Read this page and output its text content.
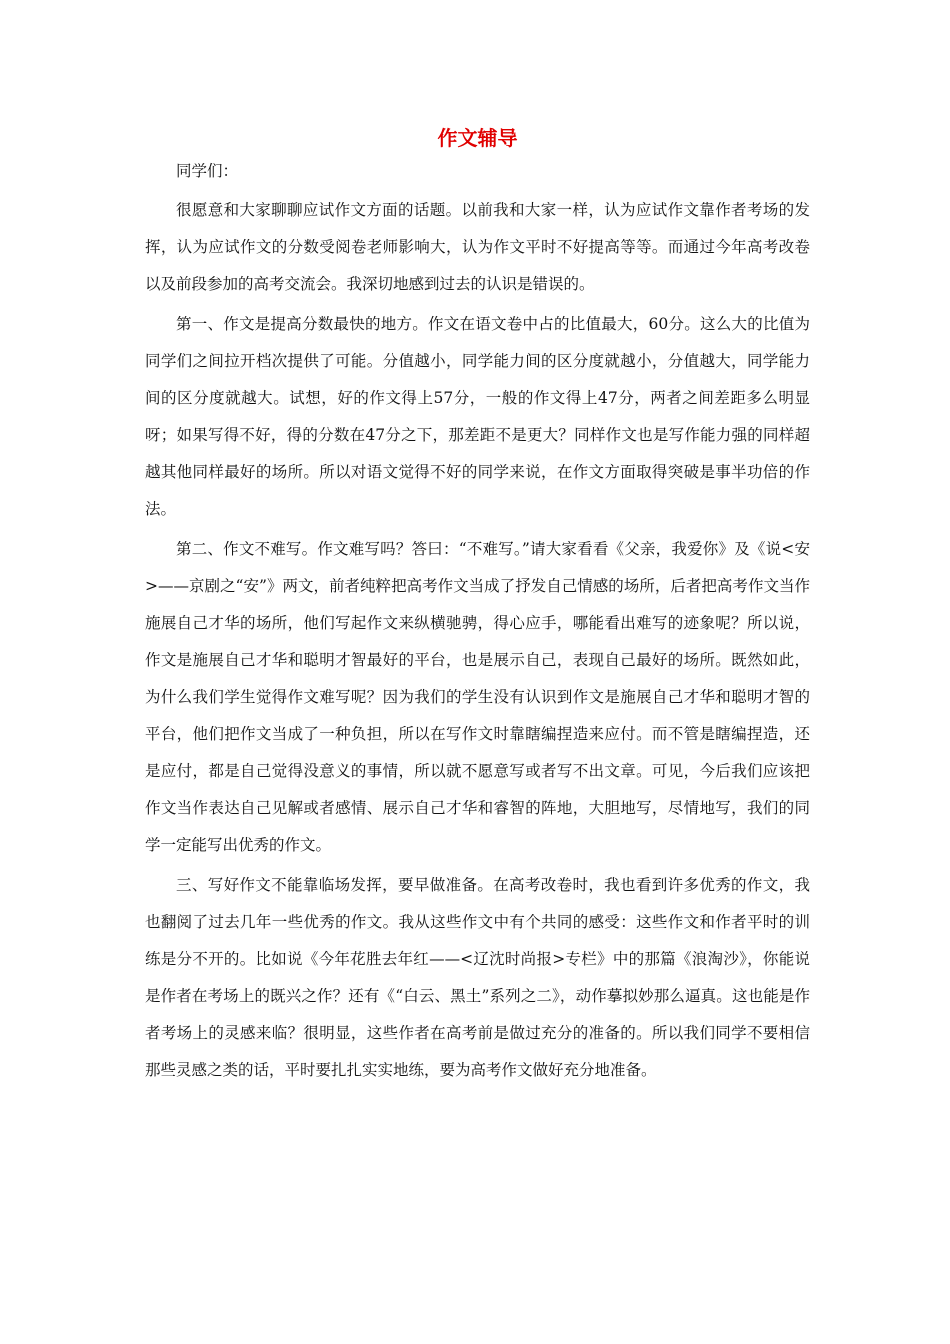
作文辅导

同学们：

很愿意和大家聊聊应试作文方面的话题。以前我和大家一样，认为应试作文靠作者考场的发挥，认为应试作文的分数受阅卷老师影响大，认为作文平时不好提高等等。而通过今年高考改卷以及前段参加的高考交流会。我深切地感到过去的认识是错误的。

第一、作文是提高分数最快的地方。作文在语文卷中占的比值最大，60分。这么大的比值为同学们之间拉开档次提供了可能。分值越小，同学能力间的区分度就越小，分值越大，同学能力间的区分度就越大。试想，好的作文得上57分，一般的作文得上47分，两者之间差距多么明显呀；如果写得不好，得的分数在47分之下，那差距不是更大？同样作文也是写作能力强的同样超越其他同样最好的场所。所以对语文觉得不好的同学来说，在作文方面取得突破是事半功倍的作法。

第二、作文不难写。作文难写吗？答曰：“不难写。”请大家看看《父亲，我爱你》及《说<安>——京剧之“安”》两文，前者纯粹把高考作文当成了抒发自己情感的场所，后者把高考作文当作施展自己才华的场所，他们写起作文来纵横驰骋，得心应手，哪能看出难写的迹象呢？所以说，作文是施展自己才华和聪明才智最好的平台，也是展示自己，表现自己最好的场所。既然如此，为什么我们学生觉得作文难写呢？因为我们的学生没有认识到作文是施展自己才华和聪明才智的平台，他们把作文当成了一种负担，所以在写作文时靠瞎编捏造来应付。而不管是瞎编捏造，还是应付，都是自己觉得没意义的事情，所以就不愿意写或者写不出文章。可见，今后我们应该把作文当作表达自己见解或者感情、展示自己才华和睿智的阵地，大胆地写，尽情地写，我们的同学一定能写出优秀的作文。

三、写好作文不能靠临场发挥，要早做准备。在高考改卷时，我也看到许多优秀的作文，我也翻阅了过去几年一些优秀的作文。我从这些作文中有个共同的感受：这些作文和作者平时的训练是分不开的。比如说《今年花胜去年红——<辽沈时尚报>专栏》中的那篇《浪淘沙》，你能说是作者在考场上的既兴之作？还有《“白云、黑土”系列之二》，动作摹拟妙那么逼真。这也能是作者考场上的灵感来临？很明显，这些作者在高考前是做过充分的准备的。所以我们同学不要相信那些灵感之类的话，平时要扎扎实实地练，要为高考作文做好充分地准备。
